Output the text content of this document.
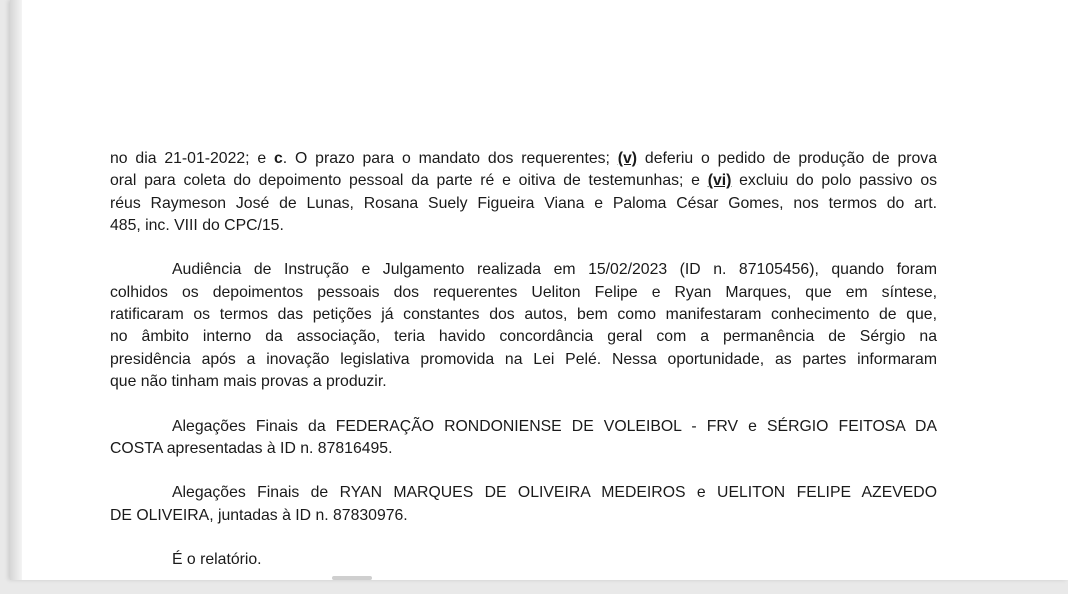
no dia 21-01-2022; e c. O prazo para o mandato dos requerentes; (v) deferiu o pedido de produção de prova
oral para coleta do depoimento pessoal da parte ré e oitiva de testemunhas; e (vi) excluiu do polo passivo os
réus Raymeson José de Lunas, Rosana Suely Figueira Viana e Paloma César Gomes, nos termos do art.
485, inc. VIII do CPC/15.

Audiência de Instrução e Julgamento realizada em 15/02/2023 (ID n. 87105456), quando foram
colhidos os depoimentos pessoais dos requerentes Ueliton Felipe e Ryan Marques, que em síntese,
ratificaram os termos das petições já constantes dos autos, bem como manifestaram conhecimento de que,
no âmbito interno da associação, teria havido concordância geral com a permanência de Sérgio na
presidência após a inovação legislativa promovida na Lei Pelé. Nessa oportunidade, as partes informaram
que não tinham mais provas a produzir.

Alegações Finais da FEDERAÇÃO RONDONIENSE DE VOLEIBOL - FRV e SÉRGIO FEITOSA DA
COSTA apresentadas à ID n. 87816495.

Alegações Finais de RYAN MARQUES DE OLIVEIRA MEDEIROS e UELITON FELIPE AZEVEDO
DE OLIVEIRA, juntadas à ID n. 87830976.

É o relatório.
